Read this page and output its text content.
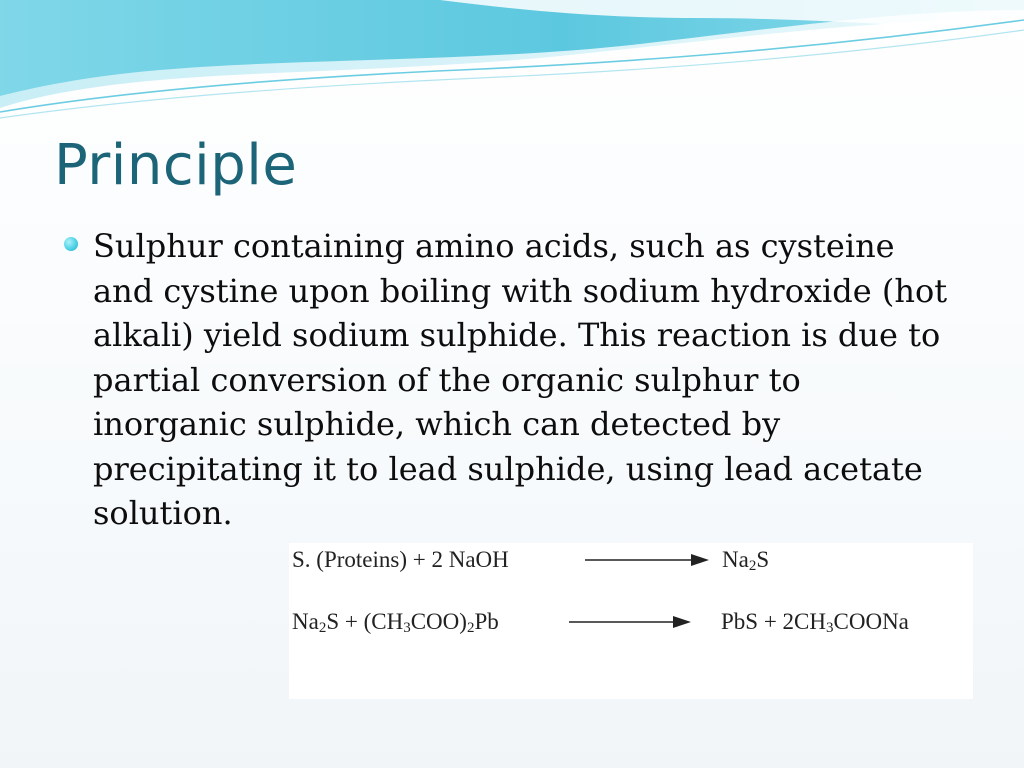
Principle
Sulphur containing amino acids, such as cysteine and cystine upon boiling with sodium hydroxide (hot alkali) yield sodium sulphide. This reaction is due to partial conversion of the organic sulphur to inorganic sulphide, which can detected by precipitating it to lead sulphide, using lead acetate solution.
S. (Proteins) + 2 NaOH	$Na_2S$
$Na_2S + (CH_3COO)_2Pb$	PbS + $2CH_3COONa$
